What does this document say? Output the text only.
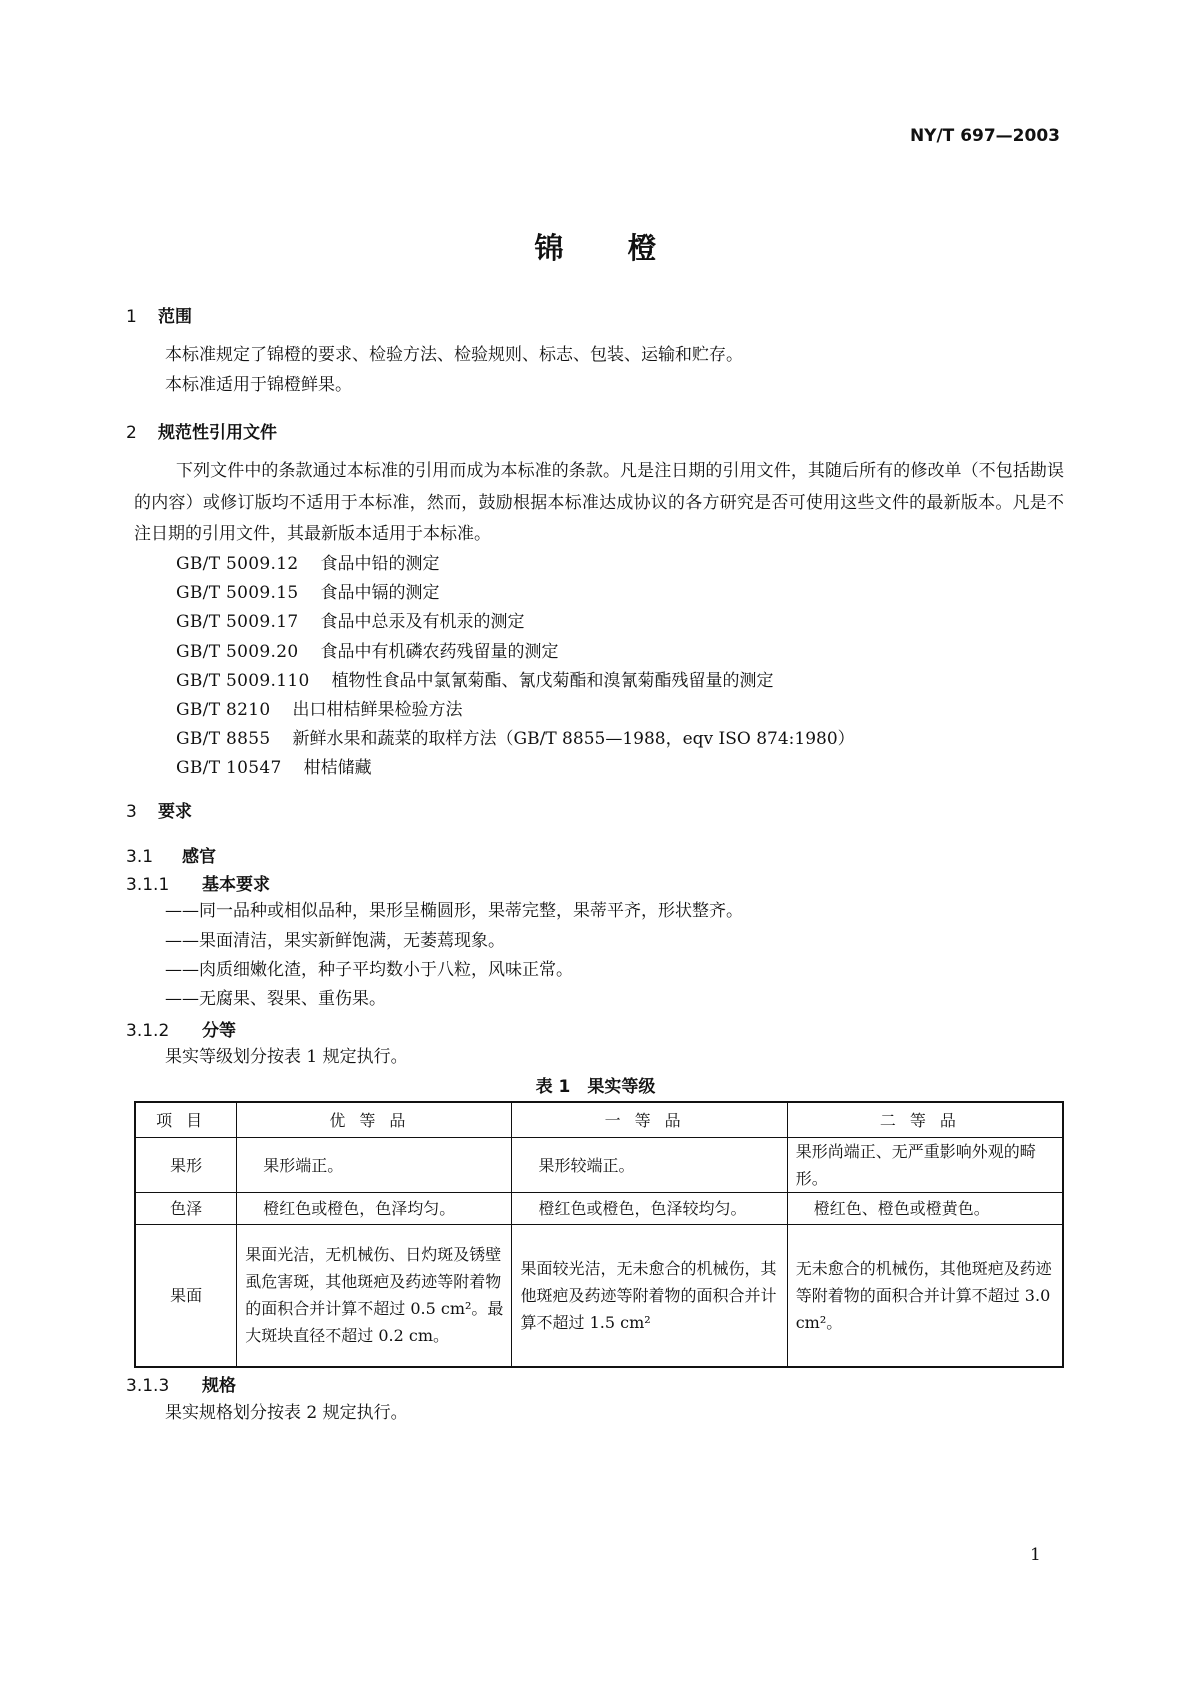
NY/T 697—2003
锦橙
1 范围
本标准规定了锦橙的要求、检验方法、检验规则、标志、包装、运输和贮存。
本标准适用于锦橙鲜果。
2 规范性引用文件
下列文件中的条款通过本标准的引用而成为本标准的条款。凡是注日期的引用文件，其随后所有的修改单（不包括勘误的内容）或修订版均不适用于本标准，然而，鼓励根据本标准达成协议的各方研究是否可使用这些文件的最新版本。凡是不注日期的引用文件，其最新版本适用于本标准。
GB/T 5009.12 食品中铅的测定
GB/T 5009.15 食品中镉的测定
GB/T 5009.17 食品中总汞及有机汞的测定
GB/T 5009.20 食品中有机磷农药残留量的测定
GB/T 5009.110 植物性食品中氯氰菊酯、氰戊菊酯和溴氰菊酯残留量的测定
GB/T 8210 出口柑桔鲜果检验方法
GB/T 8855 新鲜水果和蔬菜的取样方法（GB/T 8855—1988，eqv ISO 874:1980）
GB/T 10547 柑桔储藏
3 要求
3.1 感官
3.1.1 基本要求
——同一品种或相似品种，果形呈椭圆形，果蒂完整，果蒂平齐，形状整齐。
——果面清洁，果实新鲜饱满，无萎蔫现象。
——肉质细嫩化渣，种子平均数小于八粒，风味正常。
——无腐果、裂果、重伤果。
3.1.2 分等
果实等级划分按表 1 规定执行。
表 1　果实等级
项目	优等品	一等品	二等品
果形	果形端正。	果形较端正。	果形尚端正、无严重影响外观的畸形。
色泽	橙红色或橙色，色泽均匀。	橙红色或橙色，色泽较均匀。	橙红色、橙色或橙黄色。
果面	果面光洁，无机械伤、日灼斑及锈壁虱危害斑，其他斑疤及药迹等附着物的面积合并计算不超过 0.5 cm²。最大斑块直径不超过 0.2 cm。	果面较光洁，无未愈合的机械伤，其他斑疤及药迹等附着物的面积合并计算不超过 1.5 cm²	无未愈合的机械伤，其他斑疤及药迹等附着物的面积合并计算不超过 3.0 cm²。
3.1.3 规格
果实规格划分按表 2 规定执行。
1
